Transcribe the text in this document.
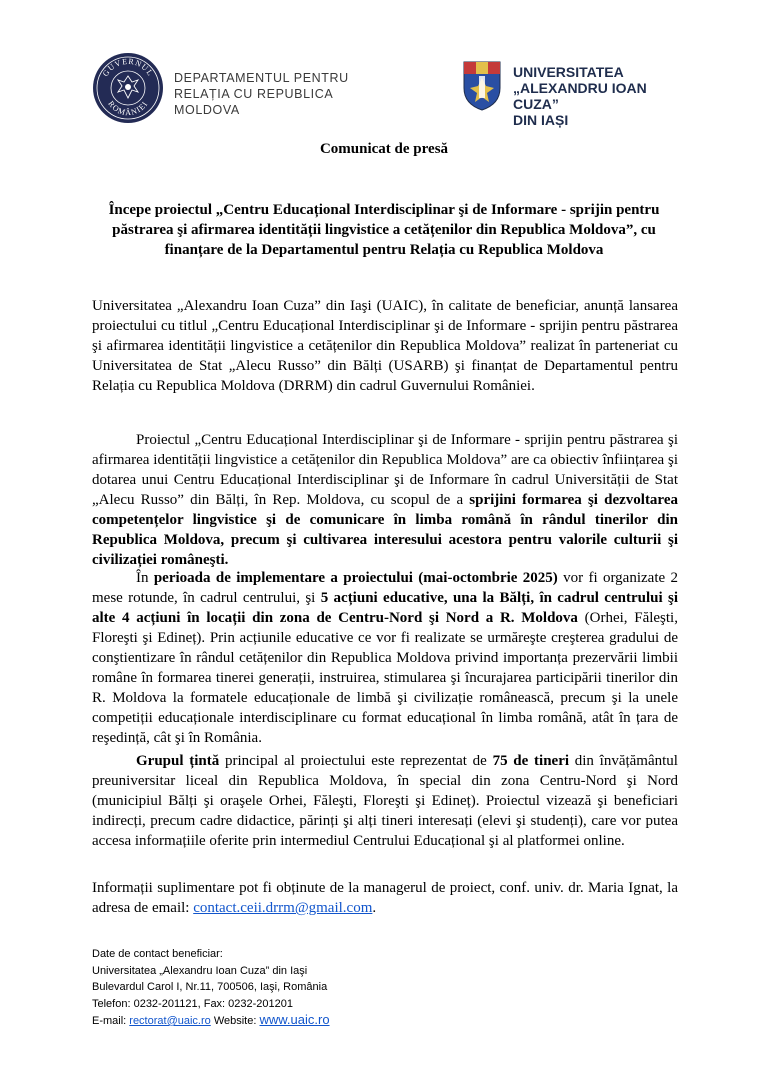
GUVERNUL
ROMÂNIEI
DEPARTAMENTUL PENTRU
RELAȚIA CU REPUBLICA MOLDOVA
UNIVERSITATEA
„ALEXANDRU IOAN CUZA”
DIN IAȘI
Comunicat de presă
Începe proiectul „Centru Educațional Interdisciplinar şi de Informare - sprijin pentru păstrarea şi afirmarea identității lingvistice a cetățenilor din Republica Moldova”, cu finanțare de la Departamentul pentru Relația cu Republica Moldova

Universitatea „Alexandru Ioan Cuza” din Iaşi (UAIC), în calitate de beneficiar, anunță lansarea proiectului cu titlul „Centru Educațional Interdisciplinar şi de Informare - sprijin pentru păstrarea şi afirmarea identității lingvistice a cetățenilor din Republica Moldova” realizat în parteneriat cu Universitatea de Stat „Alecu Russo” din Bălți (USARB) şi finanțat de Departamentul pentru Relația cu Republica Moldova (DRRM) din cadrul Guvernului României.

Proiectul „Centru Educațional Interdisciplinar şi de Informare - sprijin pentru păstrarea şi afirmarea identității lingvistice a cetățenilor din Republica Moldova” are ca obiectiv înființarea şi dotarea unui Centru Educațional Interdisciplinar şi de Informare în cadrul Universității de Stat „Alecu Russo” din Bălți, în Rep. Moldova, cu scopul de a sprijini formarea şi dezvoltarea competențelor lingvistice şi de comunicare în limba română în rândul tinerilor din Republica Moldova, precum şi cultivarea interesului acestora pentru valorile culturii şi civilizației româneşti.

În perioada de implementare a proiectului (mai-octombrie 2025) vor fi organizate 2 mese rotunde, în cadrul centrului, şi 5 acțiuni educative, una la Bălți, în cadrul centrului şi alte 4 acțiuni în locații din zona de Centru-Nord şi Nord a R. Moldova (Orhei, Făleşti, Floreşti şi Edineț). Prin acțiunile educative ce vor fi realizate se urmăreşte creşterea gradului de conştientizare în rândul cetățenilor din Republica Moldova privind importanța prezervării limbii române în formarea tinerei generații, instruirea, stimularea şi încurajarea participării tinerilor din R. Moldova la formatele educaționale de limbă şi civilizație românească, precum şi la unele competiții educaționale interdisciplinare cu format educațional în limba română, atât în țara de reşedință, cât şi în România.

Grupul țintă principal al proiectului este reprezentat de 75 de tineri din învățământul preuniversitar liceal din Republica Moldova, în special din zona Centru-Nord şi Nord (municipiul Bălți şi oraşele Orhei, Făleşti, Floreşti şi Edineț). Proiectul vizează şi beneficiari indirecți, precum cadre didactice, părinți şi alți tineri interesați (elevi şi studenți), care vor putea accesa informațiile oferite prin intermediul Centrului Educațional şi al platformei online.

Informații suplimentare pot fi obținute de la managerul de proiect, conf. univ. dr. Maria Ignat, la adresa de email: contact.ceii.drrm@gmail.com.

Date de contact beneficiar:
Universitatea „Alexandru Ioan Cuza” din Iaşi
Bulevardul Carol I, Nr.11, 700506, Iaşi, România
Telefon: 0232-201121, Fax: 0232-201201
E-mail: rectorat@uaic.ro Website: www.uaic.ro
